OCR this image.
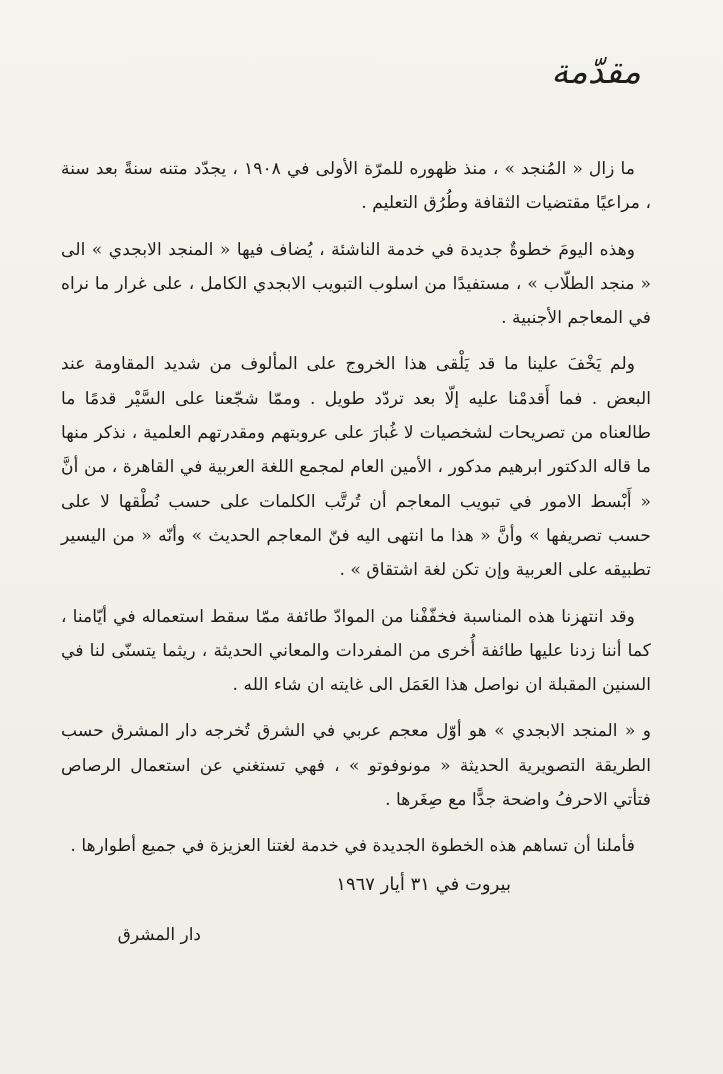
مقدّمة

ما زال « المُنجد » ، منذ ظهوره للمرّة الأولى في ١٩٠٨ ، يجدّد متنه سنةً بعد سنة ، مراعيًا مقتضيات الثقافة وطُرُق التعليم .

وهذه اليومَ خطوةٌ جديدة في خدمة الناشئة ، يُضاف فيها « المنجد الابجدي » الى « منجد الطلّاب » ، مستفيدًا من اسلوب التبويب الابجدي الكامل ، على غرار ما نراه في المعاجم الأجنبية .

ولم يَخْفَ علينا ما قد يَلْقى هذا الخروج على المألوف من شديد المقاومة عند البعض . فما أَقدمْنا عليه إلّا بعد تردّد طويل . وممّا شجّعنا على السَّيْر قدمًا ما طالعناه من تصريحات لشخصيات لا غُبارَ على عروبتهم ومقدرتهم العلمية ، نذكر منها ما قاله الدكتور ابرهيم مدكور ، الأمين العام لمجمع اللغة العربية في القاهرة ، من أنَّ « أَبْسط الامور في تبويب المعاجم أن تُرتَّب الكلمات على حسب نُطْقها لا على حسب تصريفها » وأنَّ « هذا ما انتهى اليه فنّ المعاجم الحديث » وأنّه « من اليسير تطبيقه على العربية وإن تكن لغة اشتقاق » .

وقد انتهزنا هذه المناسبة فخفّفْنا من الموادّ طائفة ممّا سقط استعماله في أيّامنا ، كما أننا زدنا عليها طائفة أُخرى من المفردات والمعاني الحديثة ، ريثما يتسنّى لنا في السنين المقبلة ان نواصل هذا العَمَل الى غايته ان شاء الله .

و « المنجد الابجدي » هو أوّل معجم عربي في الشرق تُخرجه دار المشرق حسب الطريقة التصويرية الحديثة « مونوفوتو » ، فهي تستغني عن استعمال الرصاص فتأتي الاحرفُ واضحة جدًّا مع صِغَرها .

فأملنا أن تساهم هذه الخطوة الجديدة في خدمة لغتنا العزيزة في جميع أطوارها .

بيروت في ٣١ أيار ١٩٦٧
دار المشرق
